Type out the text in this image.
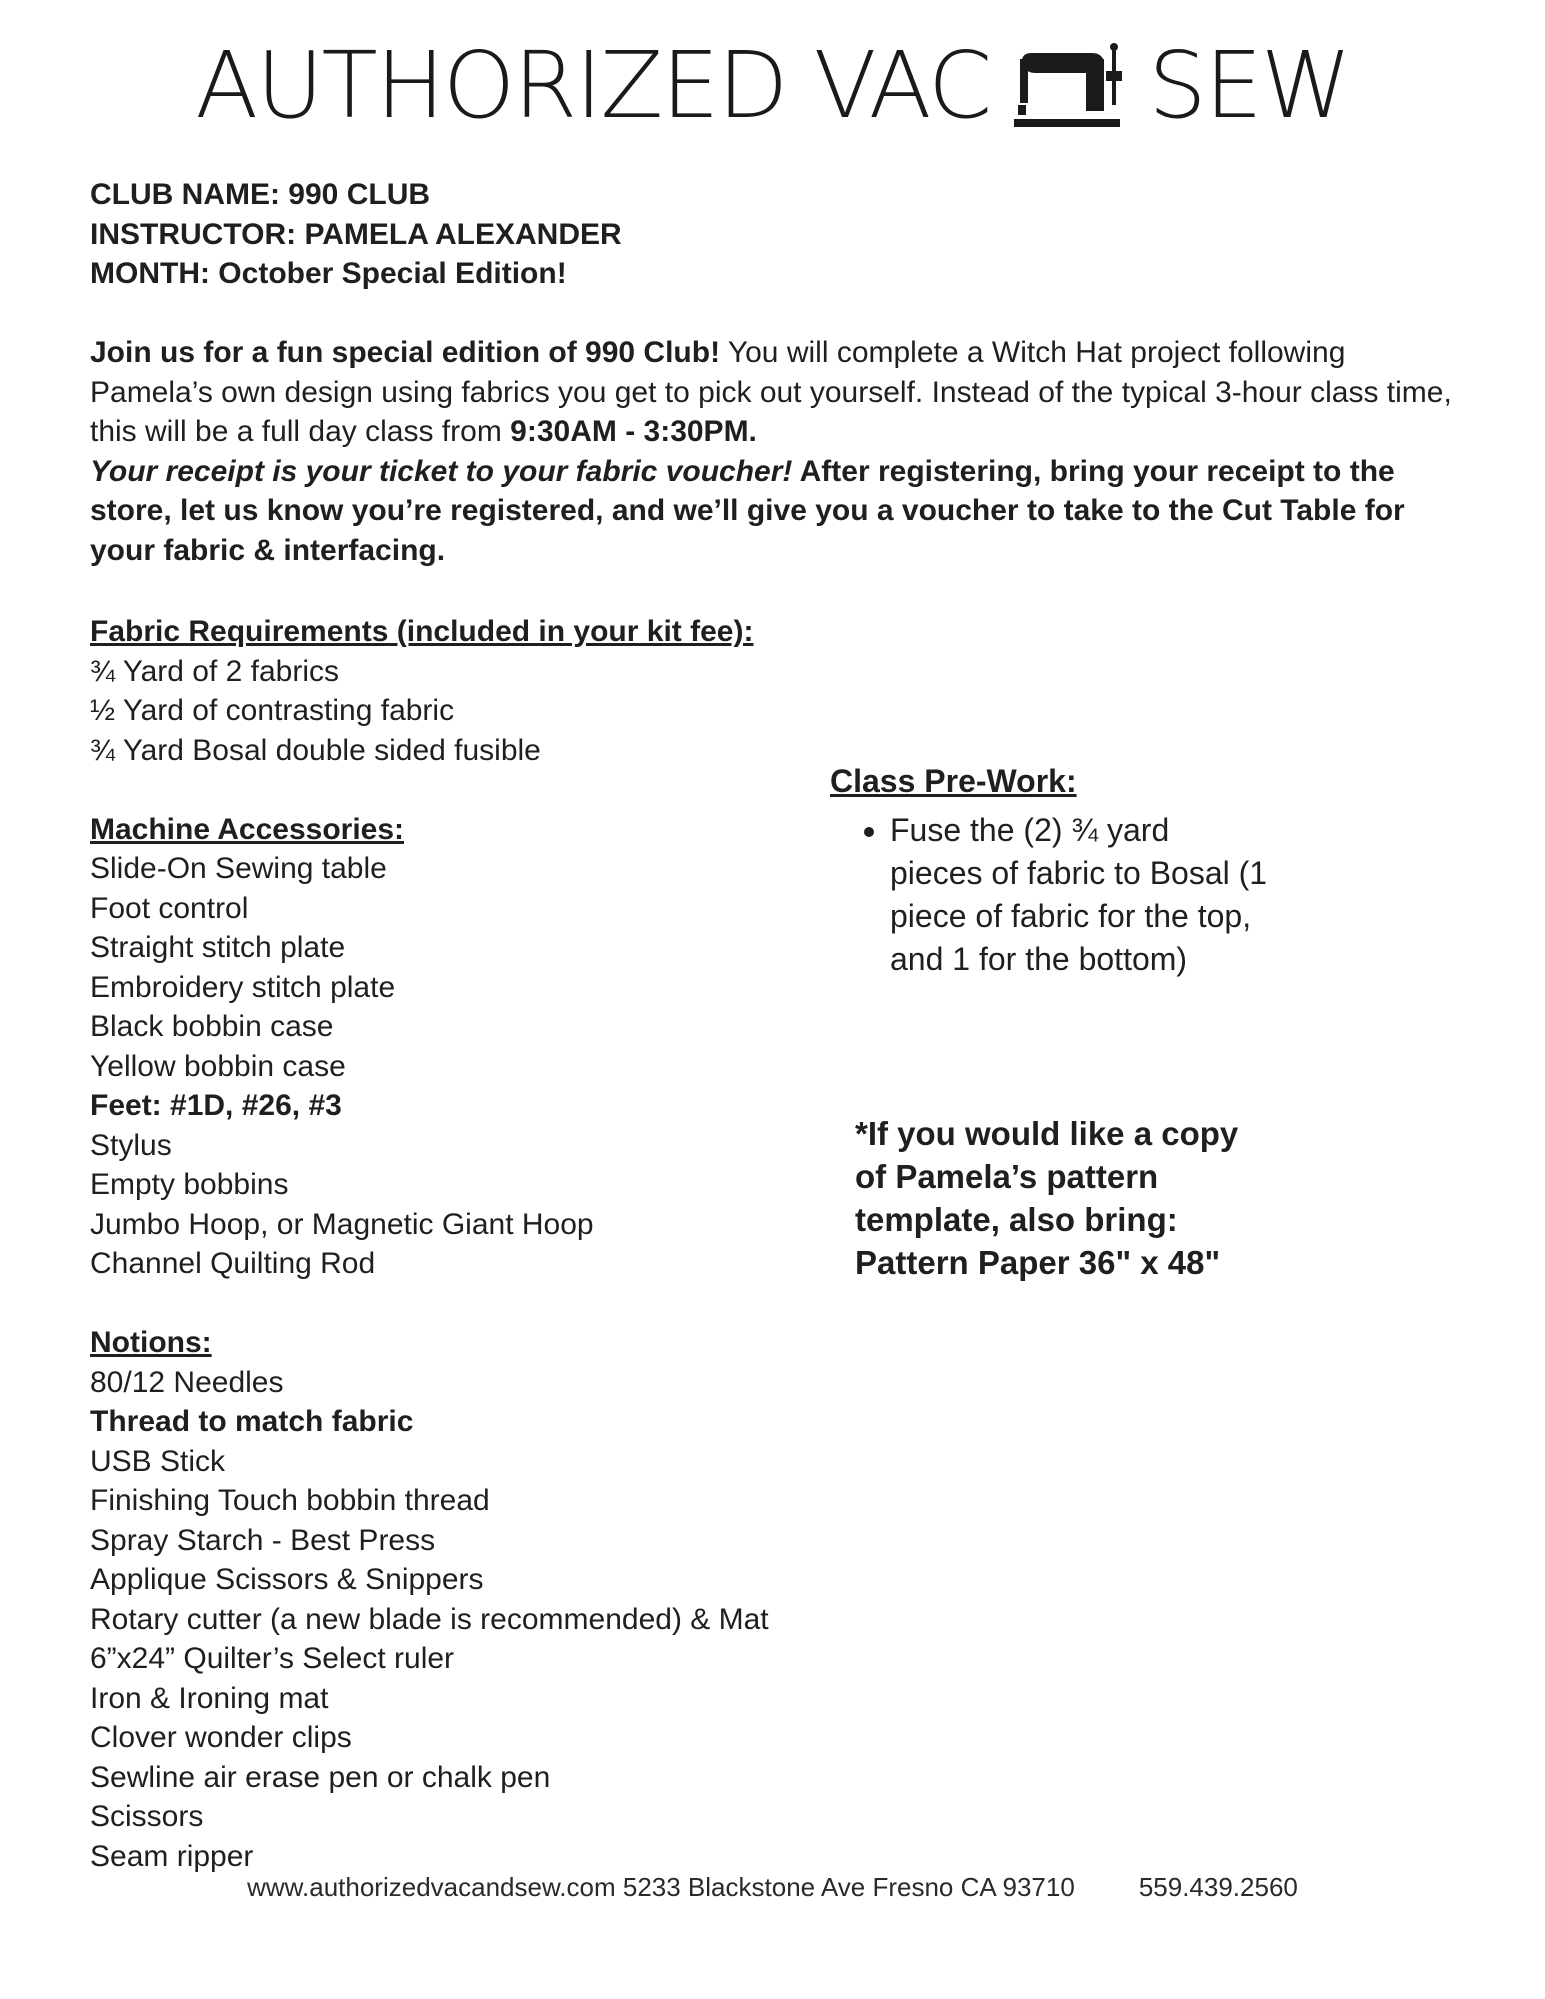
AUTHORIZED VAC SEW

CLUB NAME: 990 CLUB

INSTRUCTOR: PAMELA ALEXANDER

MONTH: October Special Edition!

Join us for a fun special edition of 990 Club! You will complete a Witch Hat project following Pamela’s own design using fabrics you get to pick out yourself. Instead of the typical 3-hour class time, this will be a full day class from 9:30AM - 3:30PM.

Your receipt is your ticket to your fabric voucher! After registering, bring your receipt to the store, let us know you’re registered, and we’ll give you a voucher to take to the Cut Table for your fabric & interfacing.

Fabric Requirements (included in your kit fee):

¾ Yard of 2 fabrics

½ Yard of contrasting fabric

¾ Yard Bosal double sided fusible

Machine Accessories:

Slide-On Sewing table

Foot control

Straight stitch plate

Embroidery stitch plate

Black bobbin case

Yellow bobbin case

Feet: #1D, #26, #3

Stylus

Empty bobbins

Jumbo Hoop, or Magnetic Giant Hoop

Channel Quilting Rod

Notions:

80/12 Needles

Thread to match fabric

USB Stick

Finishing Touch bobbin thread

Spray Starch - Best Press

Applique Scissors & Snippers

Rotary cutter (a new blade is recommended) & Mat

6”x24” Quilter’s Select ruler

Iron & Ironing mat

Clover wonder clips

Sewline air erase pen or chalk pen

Scissors

Seam ripper

Class Pre-Work:

• Fuse the (2) ¾ yard pieces of fabric to Bosal (1 piece of fabric for the top, and 1 for the bottom)
*If you would like a copy of Pamela’s pattern template, also bring: Pattern Paper 36" x 48"
www.authorizedvacandsew.com 5233 Blackstone Ave Fresno CA 93710 559.439.2560
